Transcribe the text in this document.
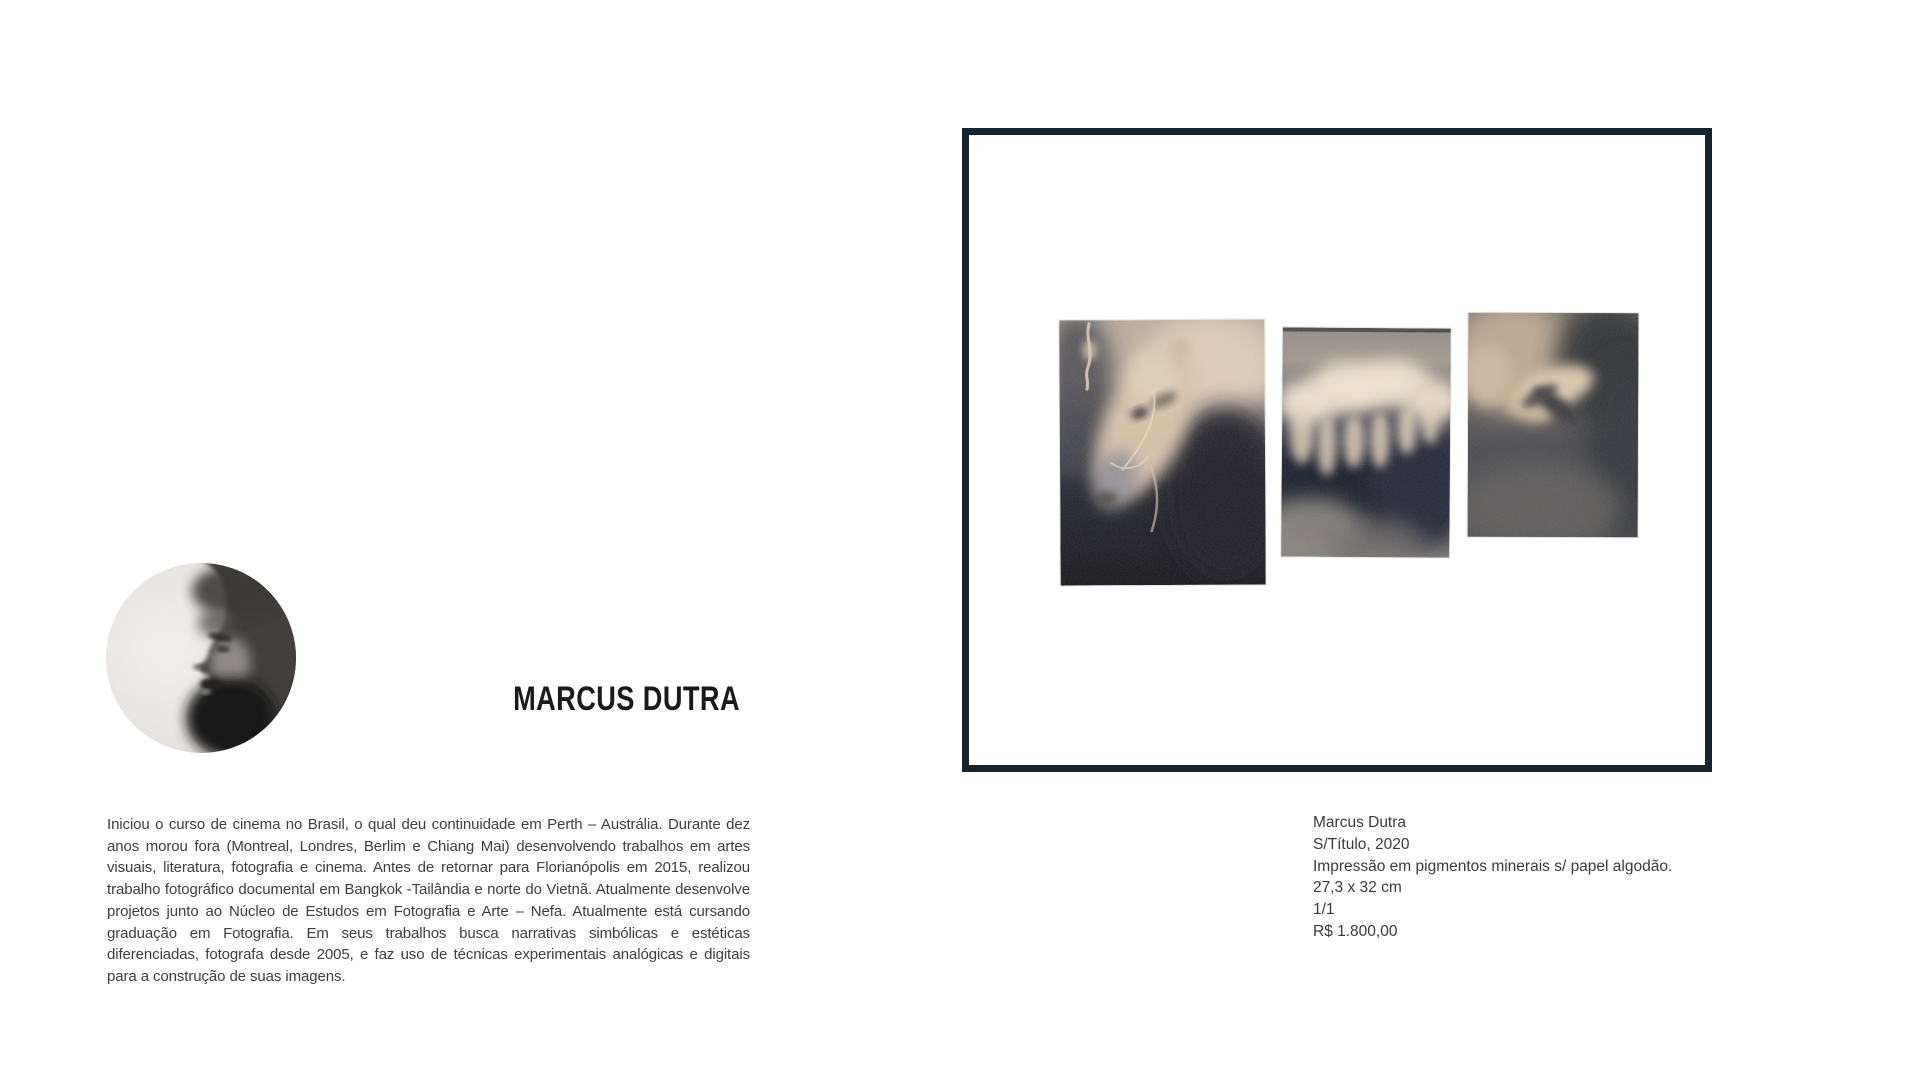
MARCUS DUTRA

Iniciou o curso de cinema no Brasil, o qual deu continuidade em Perth – Austrália. Durante dez anos morou fora (Montreal, Londres, Berlim e Chiang Mai) desenvolvendo trabalhos em artes visuais, literatura, fotografia e cinema. Antes de retornar para Florianópolis em 2015, realizou trabalho fotográfico documental em Bangkok -Tailândia e norte do Vietnã. Atualmente desenvolve projetos junto ao Núcleo de Estudos em Fotografia e Arte – Nefa. Atualmente está cursando graduação em Fotografia. Em seus trabalhos busca narrativas simbólicas e estéticas diferenciadas, fotografa desde 2005, e faz uso de técnicas experimentais analógicas e digitais para a construção de suas imagens.

Marcus Dutra
S/Título, 2020
Impressão em pigmentos minerais s/ papel algodão.
27,3 x 32 cm
1/1
R$ 1.800,00
